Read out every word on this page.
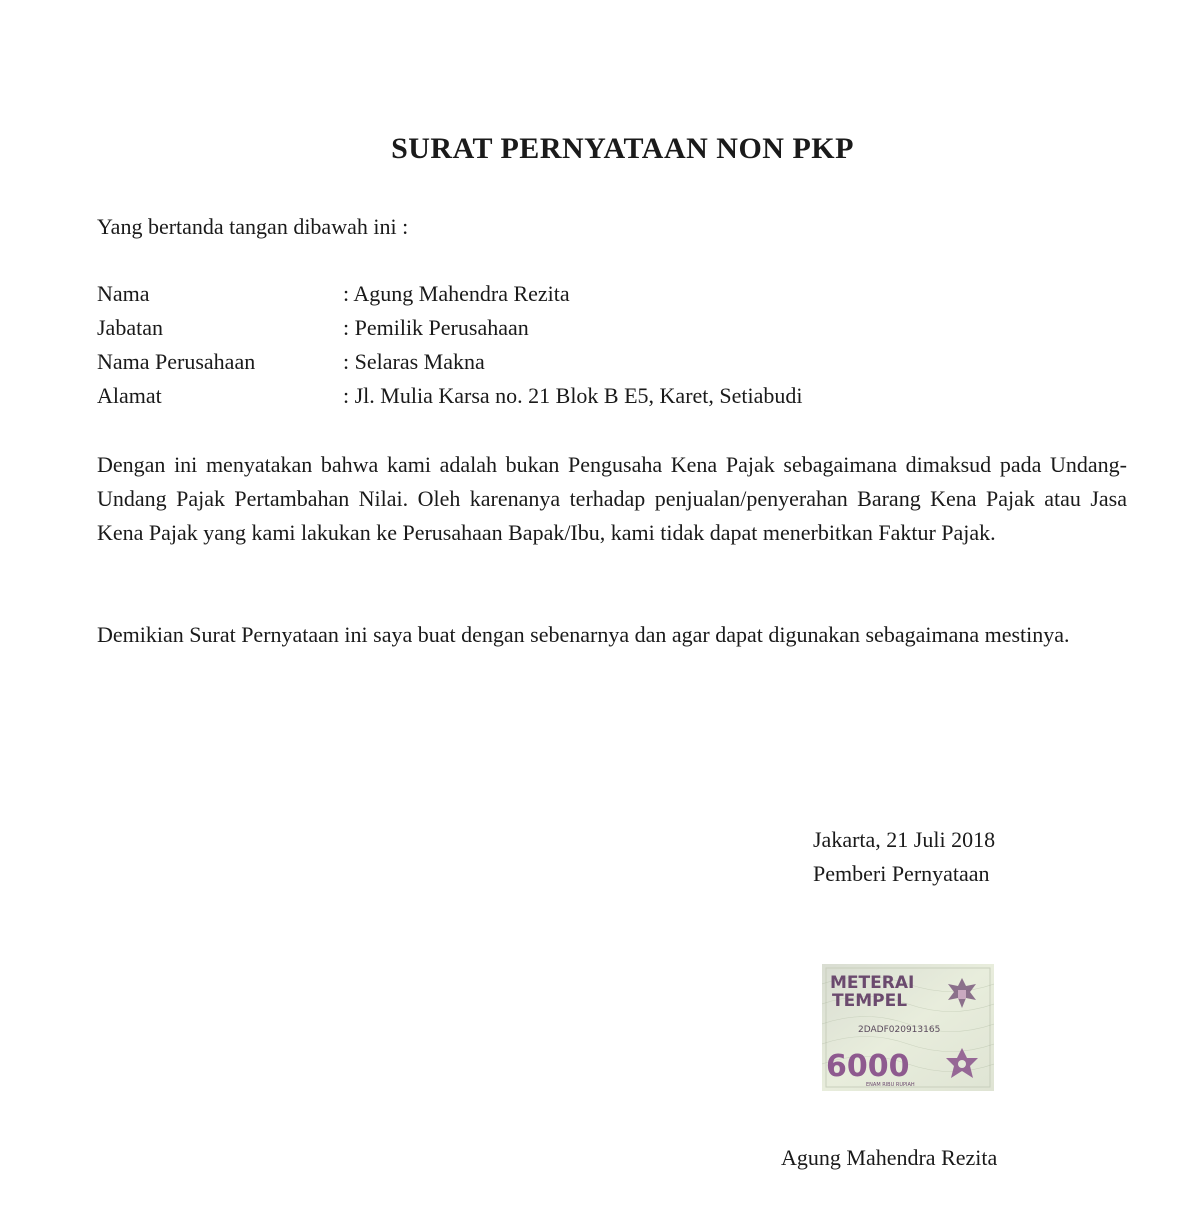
SURAT PERNYATAAN NON PKP
Yang bertanda tangan dibawah ini :
Nama	: Agung Mahendra Rezita
Jabatan	: Pemilik Perusahaan
Nama Perusahaan	: Selaras Makna
Alamat	: Jl. Mulia Karsa no. 21 Blok B E5, Karet, Setiabudi
Dengan ini menyatakan bahwa kami adalah bukan Pengusaha Kena Pajak sebagaimana dimaksud pada Undang-Undang Pajak Pertambahan Nilai. Oleh karenanya terhadap penjualan/penyerahan Barang Kena Pajak atau Jasa Kena Pajak yang kami lakukan ke Perusahaan Bapak/Ibu, kami tidak dapat menerbitkan Faktur Pajak.
Demikian Surat Pernyataan ini saya buat dengan sebenarnya dan agar dapat digunakan sebagaimana mestinya.
Jakarta, 21 Juli 2018
Pemberi Pernyataan
METERAI
TEMPEL
2DADF020913165
6000
ENAM RIBU RUPIAH
Agung Mahendra Rezita
